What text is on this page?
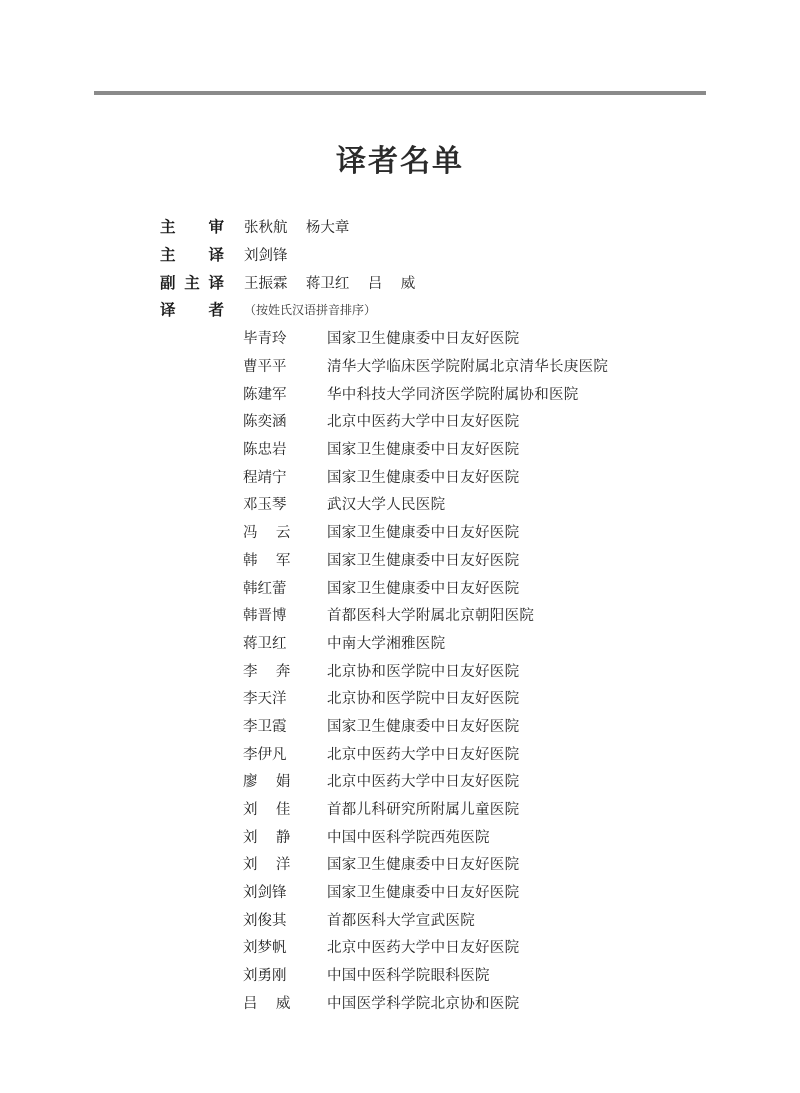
译者名单
主 审 张秋航    杨大章
主 译 刘剑锋
副 主 译 王振霖    蒋卫红    吕    威
译 者 （按姓氏汉语拼音排序）
毕青玲	国家卫生健康委中日友好医院
曹平平	清华大学临床医学院附属北京清华长庚医院
陈建军	华中科技大学同济医学院附属协和医院
陈奕涵	北京中医药大学中日友好医院
陈忠岩	国家卫生健康委中日友好医院
程靖宁	国家卫生健康委中日友好医院
邓玉琴	武汉大学人民医院
冯    云	国家卫生健康委中日友好医院
韩    军	国家卫生健康委中日友好医院
韩红蕾	国家卫生健康委中日友好医院
韩晋博	首都医科大学附属北京朝阳医院
蒋卫红	中南大学湘雅医院
李    奔	北京协和医学院中日友好医院
李天洋	北京协和医学院中日友好医院
李卫霞	国家卫生健康委中日友好医院
李伊凡	北京中医药大学中日友好医院
廖    娟	北京中医药大学中日友好医院
刘    佳	首都儿科研究所附属儿童医院
刘    静	中国中医科学院西苑医院
刘    洋	国家卫生健康委中日友好医院
刘剑锋	国家卫生健康委中日友好医院
刘俊其	首都医科大学宣武医院
刘梦帆	北京中医药大学中日友好医院
刘勇刚	中国中医科学院眼科医院
吕    威	中国医学科学院北京协和医院
